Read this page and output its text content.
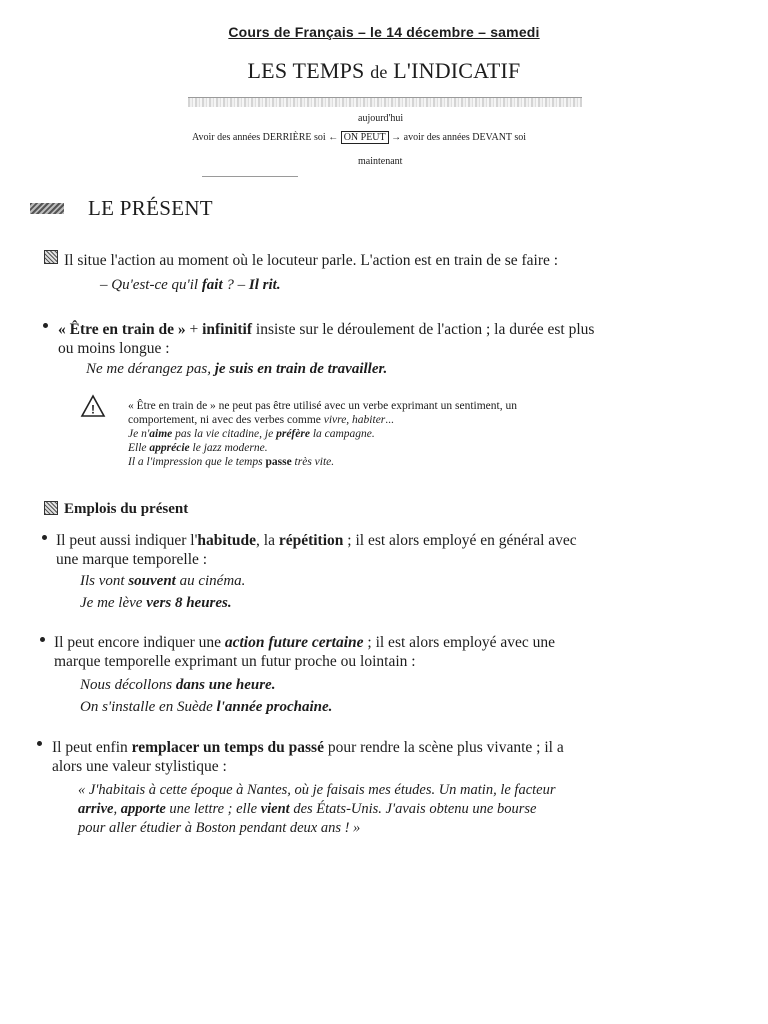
Cours de Français – le 14 décembre – samedi
LES TEMPS de L'INDICATIF
aujourd'hui
Avoir des années DERRIÈRE soi ← ON PEUT → avoir des années DEVANT soi
maintenant
LE PRÉSENT
Il situe l'action au moment où le locuteur parle. L'action est en train de se faire :
– Qu'est-ce qu'il fait ? – Il rit.
« Être en train de » + infinitif insiste sur le déroulement de l'action ; la durée est plus
ou moins longue :
Ne me dérangez pas, je suis en train de travailler.
!	« Être en train de » ne peut pas être utilisé avec un verbe exprimant un sentiment, un
comportement, ni avec des verbes comme vivre, habiter...
Je n'aime pas la vie citadine, je préfère la campagne.
Elle apprécie le jazz moderne.
Il a l'impression que le temps passe très vite.
Emplois du présent
Il peut aussi indiquer l'habitude, la répétition ; il est alors employé en général avec
une marque temporelle :
Ils vont souvent au cinéma.
Je me lève vers 8 heures.
Il peut encore indiquer une action future certaine ; il est alors employé avec une
marque temporelle exprimant un futur proche ou lointain :
Nous décollons dans une heure.
On s'installe en Suède l'année prochaine.
Il peut enfin remplacer un temps du passé pour rendre la scène plus vivante ; il a
alors une valeur stylistique :
« J'habitais à cette époque à Nantes, où je faisais mes études. Un matin, le facteur
arrive, apporte une lettre ; elle vient des États-Unis. J'avais obtenu une bourse
pour aller étudier à Boston pendant deux ans ! »
